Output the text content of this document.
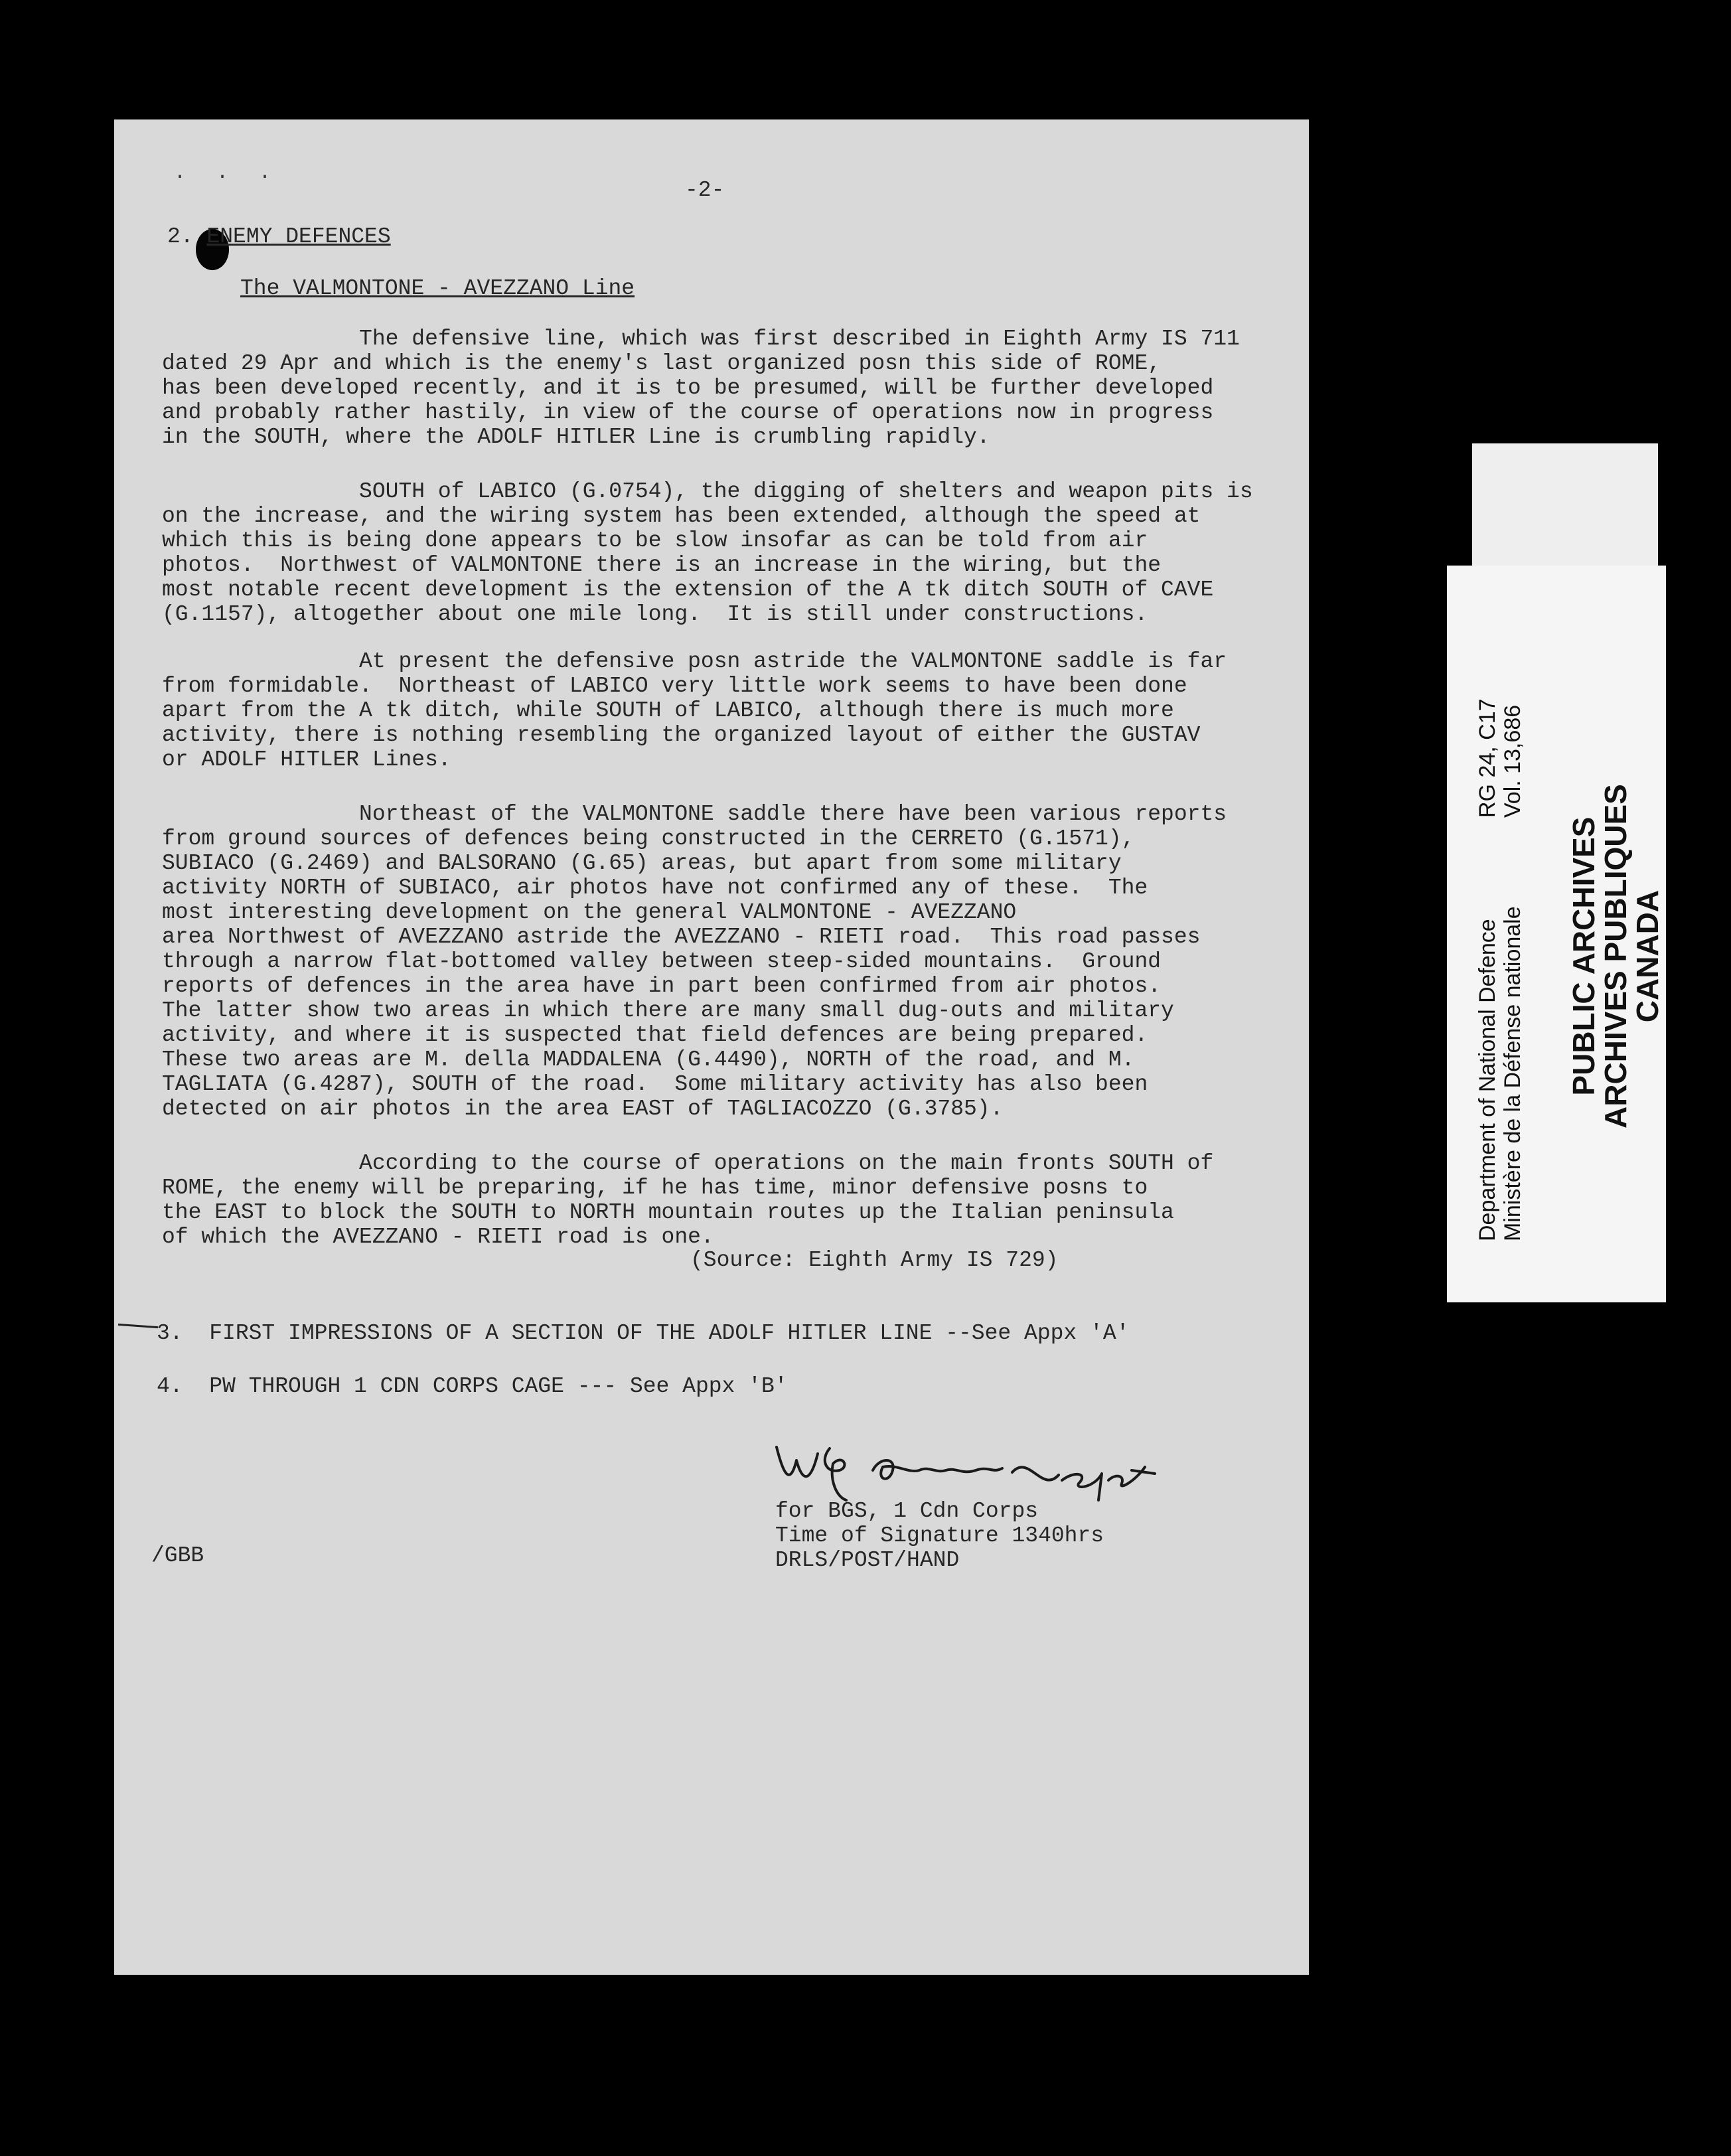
· · ·
-2-
2. ENEMY DEFENCES
The VALMONTONE - AVEZZANO Line
The defensive line, which was first described in Eighth Army IS 711
dated 29 Apr and which is the enemy's last organized posn this side of ROME,
has been developed recently, and it is to be presumed, will be further developed
and probably rather hastily, in view of the course of operations now in progress
in the SOUTH, where the ADOLF HITLER Line is crumbling rapidly.
SOUTH of LABICO (G.0754), the digging of shelters and weapon pits is
on the increase, and the wiring system has been extended, although the speed at
which this is being done appears to be slow insofar as can be told from air
photos.  Northwest of VALMONTONE there is an increase in the wiring, but the
most notable recent development is the extension of the A tk ditch SOUTH of CAVE
(G.1157), altogether about one mile long.  It is still under constructions.
At present the defensive posn astride the VALMONTONE saddle is far
from formidable.  Northeast of LABICO very little work seems to have been done
apart from the A tk ditch, while SOUTH of LABICO, although there is much more
activity, there is nothing resembling the organized layout of either the GUSTAV
or ADOLF HITLER Lines.
Northeast of the VALMONTONE saddle there have been various reports
from ground sources of defences being constructed in the CERRETO (G.1571),
SUBIACO (G.2469) and BALSORANO (G.65) areas, but apart from some military
activity NORTH of SUBIACO, air photos have not confirmed any of these.  The
most interesting development on the general VALMONTONE - AVEZZANO
area Northwest of AVEZZANO astride the AVEZZANO - RIETI road.  This road passes
through a narrow flat-bottomed valley between steep-sided mountains.  Ground
reports of defences in the area have in part been confirmed from air photos.
The latter show two areas in which there are many small dug-outs and military
activity, and where it is suspected that field defences are being prepared.
These two areas are M. della MADDALENA (G.4490), NORTH of the road, and M.
TAGLIATA (G.4287), SOUTH of the road.  Some military activity has also been
detected on air photos in the area EAST of TAGLIACOZZO (G.3785).
According to the course of operations on the main fronts SOUTH of
ROME, the enemy will be preparing, if he has time, minor defensive posns to
the EAST to block the SOUTH to NORTH mountain routes up the Italian peninsula
of which the AVEZZANO - RIETI road is one.
(Source: Eighth Army IS 729)
3. FIRST IMPRESSIONS OF A SECTION OF THE ADOLF HITLER LINE --See Appx 'A'
4. PW THROUGH 1 CDN CORPS CAGE --- See Appx 'B'
for BGS, 1 Cdn Corps
Time of Signature 1340hrs
DRLS/POST/HAND
/GBB
Department of National Defence Ministère de la Défense nationale
RG 24, C17 Vol. 13,686
PUBLIC ARCHIVES
ARCHIVES PUBLIQUES
CANADA
